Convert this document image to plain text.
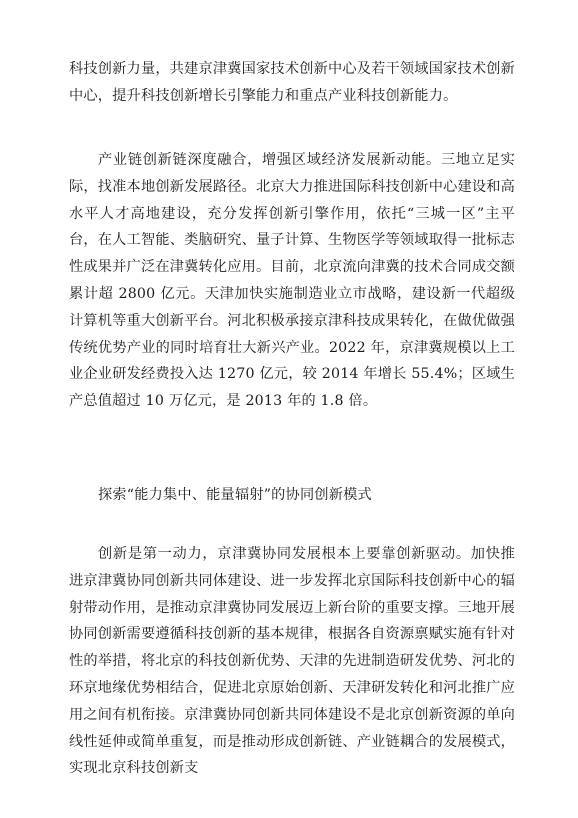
科技创新力量，共建京津冀国家技术创新中心及若干领域国家技术创新中心，提升科技创新增长引擎能力和重点产业科技创新能力。

产业链创新链深度融合，增强区域经济发展新动能。三地立足实际，找准本地创新发展路径。北京大力推进国际科技创新中心建设和高水平人才高地建设，充分发挥创新引擎作用，依托“三城一区”主平台，在人工智能、类脑研究、量子计算、生物医学等领域取得一批标志性成果并广泛在津冀转化应用。目前，北京流向津冀的技术合同成交额累计超 2800 亿元。天津加快实施制造业立市战略，建设新一代超级计算机等重大创新平台。河北积极承接京津科技成果转化，在做优做强传统优势产业的同时培育壮大新兴产业。2022 年，京津冀规模以上工业企业研发经费投入达 1270 亿元，较 2014 年增长 55.4%；区域生产总值超过 10 万亿元，是 2013 年的 1.8 倍。

探索“能力集中、能量辐射”的协同创新模式

创新是第一动力，京津冀协同发展根本上要靠创新驱动。加快推进京津冀协同创新共同体建设、进一步发挥北京国际科技创新中心的辐射带动作用，是推动京津冀协同发展迈上新台阶的重要支撑。三地开展协同创新需要遵循科技创新的基本规律，根据各自资源禀赋实施有针对性的举措，将北京的科技创新优势、天津的先进制造研发优势、河北的环京地缘优势相结合，促进北京原始创新、天津研发转化和河北推广应用之间有机衔接。京津冀协同创新共同体建设不是北京创新资源的单向线性延伸或简单重复，而是推动形成创新链、产业链耦合的发展模式，实现北京科技创新支
